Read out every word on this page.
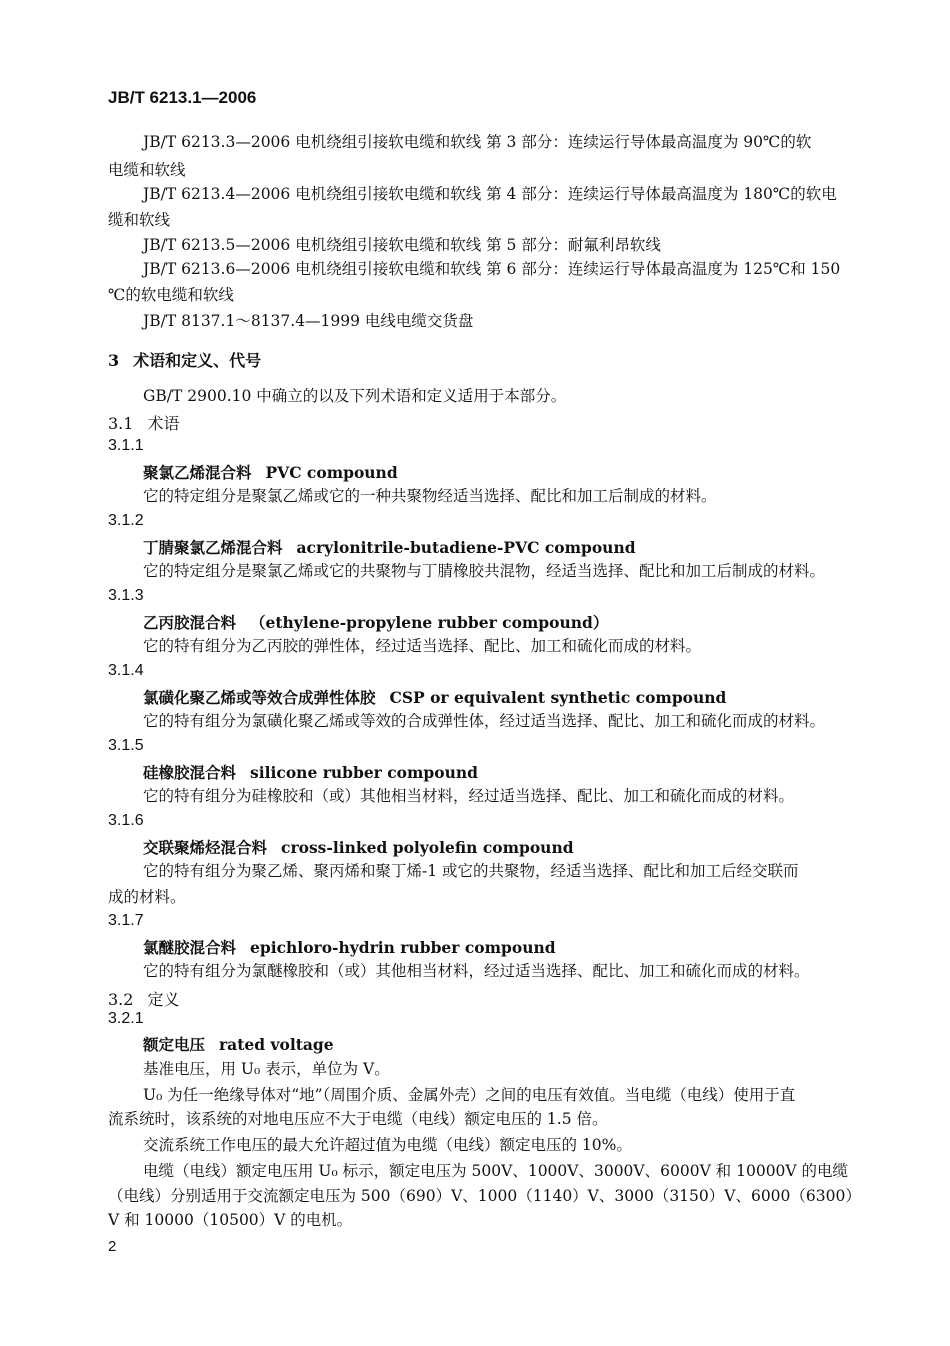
JB/T 6213.1—2006
JB/T 6213.3—2006 电机绕组引接软电缆和软线 第 3 部分：连续运行导体最高温度为 90℃的软
电缆和软线
JB/T 6213.4—2006 电机绕组引接软电缆和软线 第 4 部分：连续运行导体最高温度为 180℃的软电
缆和软线
JB/T 6213.5—2006 电机绕组引接软电缆和软线 第 5 部分：耐氟利昂软线
JB/T 6213.6—2006 电机绕组引接软电缆和软线 第 6 部分：连续运行导体最高温度为 125℃和 150
℃的软电缆和软线
JB/T 8137.1～8137.4—1999 电线电缆交货盘
3 术语和定义、代号
GB/T 2900.10 中确立的以及下列术语和定义适用于本部分。
3.1 术语
3.1.1
聚氯乙烯混合料 PVC compound
它的特定组分是聚氯乙烯或它的一种共聚物经适当选择、配比和加工后制成的材料。
3.1.2
丁腈聚氯乙烯混合料 acrylonitrile-butadiene-PVC compound
它的特定组分是聚氯乙烯或它的共聚物与丁腈橡胶共混物，经适当选择、配比和加工后制成的材料。
3.1.3
乙丙胶混合料 （ethylene-propylene rubber compound）
它的特有组分为乙丙胶的弹性体，经过适当选择、配比、加工和硫化而成的材料。
3.1.4
氯磺化聚乙烯或等效合成弹性体胶 CSP or equivalent synthetic compound
它的特有组分为氯磺化聚乙烯或等效的合成弹性体，经过适当选择、配比、加工和硫化而成的材料。
3.1.5
硅橡胶混合料 silicone rubber compound
它的特有组分为硅橡胶和（或）其他相当材料，经过适当选择、配比、加工和硫化而成的材料。
3.1.6
交联聚烯烃混合料 cross-linked polyolefin compound
它的特有组分为聚乙烯、聚丙烯和聚丁烯-1 或它的共聚物，经适当选择、配比和加工后经交联而
成的材料。
3.1.7
氯醚胶混合料 epichloro-hydrin rubber compound
它的特有组分为氯醚橡胶和（或）其他相当材料，经过适当选择、配比、加工和硫化而成的材料。
3.2 定义
3.2.1
额定电压 rated voltage
基准电压，用 U₀ 表示，单位为 V。
U₀ 为任一绝缘导体对“地”（周围介质、金属外壳）之间的电压有效值。当电缆（电线）使用于直
流系统时，该系统的对地电压应不大于电缆（电线）额定电压的 1.5 倍。
交流系统工作电压的最大允许超过值为电缆（电线）额定电压的 10%。
电缆（电线）额定电压用 U₀ 标示，额定电压为 500V、1000V、3000V、6000V 和 10000V 的电缆
（电线）分别适用于交流额定电压为 500（690）V、1000（1140）V、3000（3150）V、6000（6300）
V 和 10000（10500）V 的电机。
2
